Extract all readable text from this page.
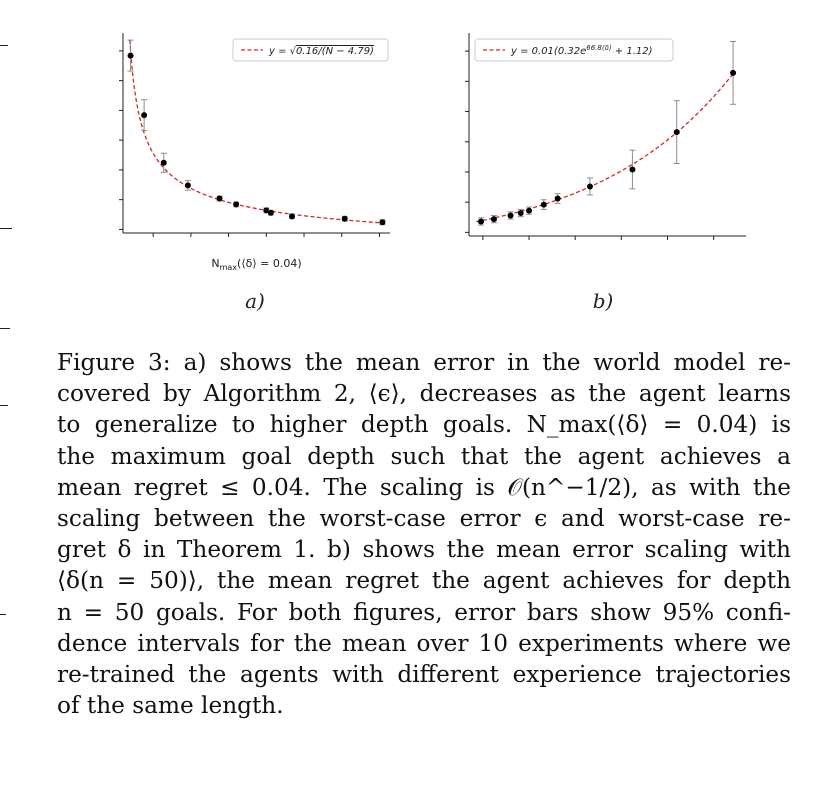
$N_{max}(⟨\delta⟩ = 0.04)$
y = √0.16/(N − 4.79)	$y = 0.01(0.32e^{66.8⟨\delta⟩} + 1.12)$
a)	b)
Figure 3: a) shows the mean error in the world model re-
covered by Algorithm 2, ⟨ϵ⟩, decreases as the agent learns
to generalize to higher depth goals. N_max(⟨δ⟩ = 0.04) is
the maximum goal depth such that the agent achieves a
mean regret ≤ 0.04. The scaling is 𝒪(n^−1/2), as with the
scaling between the worst-case error ϵ and worst-case re-
gret δ in Theorem 1. b) shows the mean error scaling with
⟨δ(n = 50)⟩, the mean regret the agent achieves for depth
n = 50 goals. For both figures, error bars show 95% confi-
dence intervals for the mean over 10 experiments where we
re-trained the agents with different experience trajectories
of the same length.
